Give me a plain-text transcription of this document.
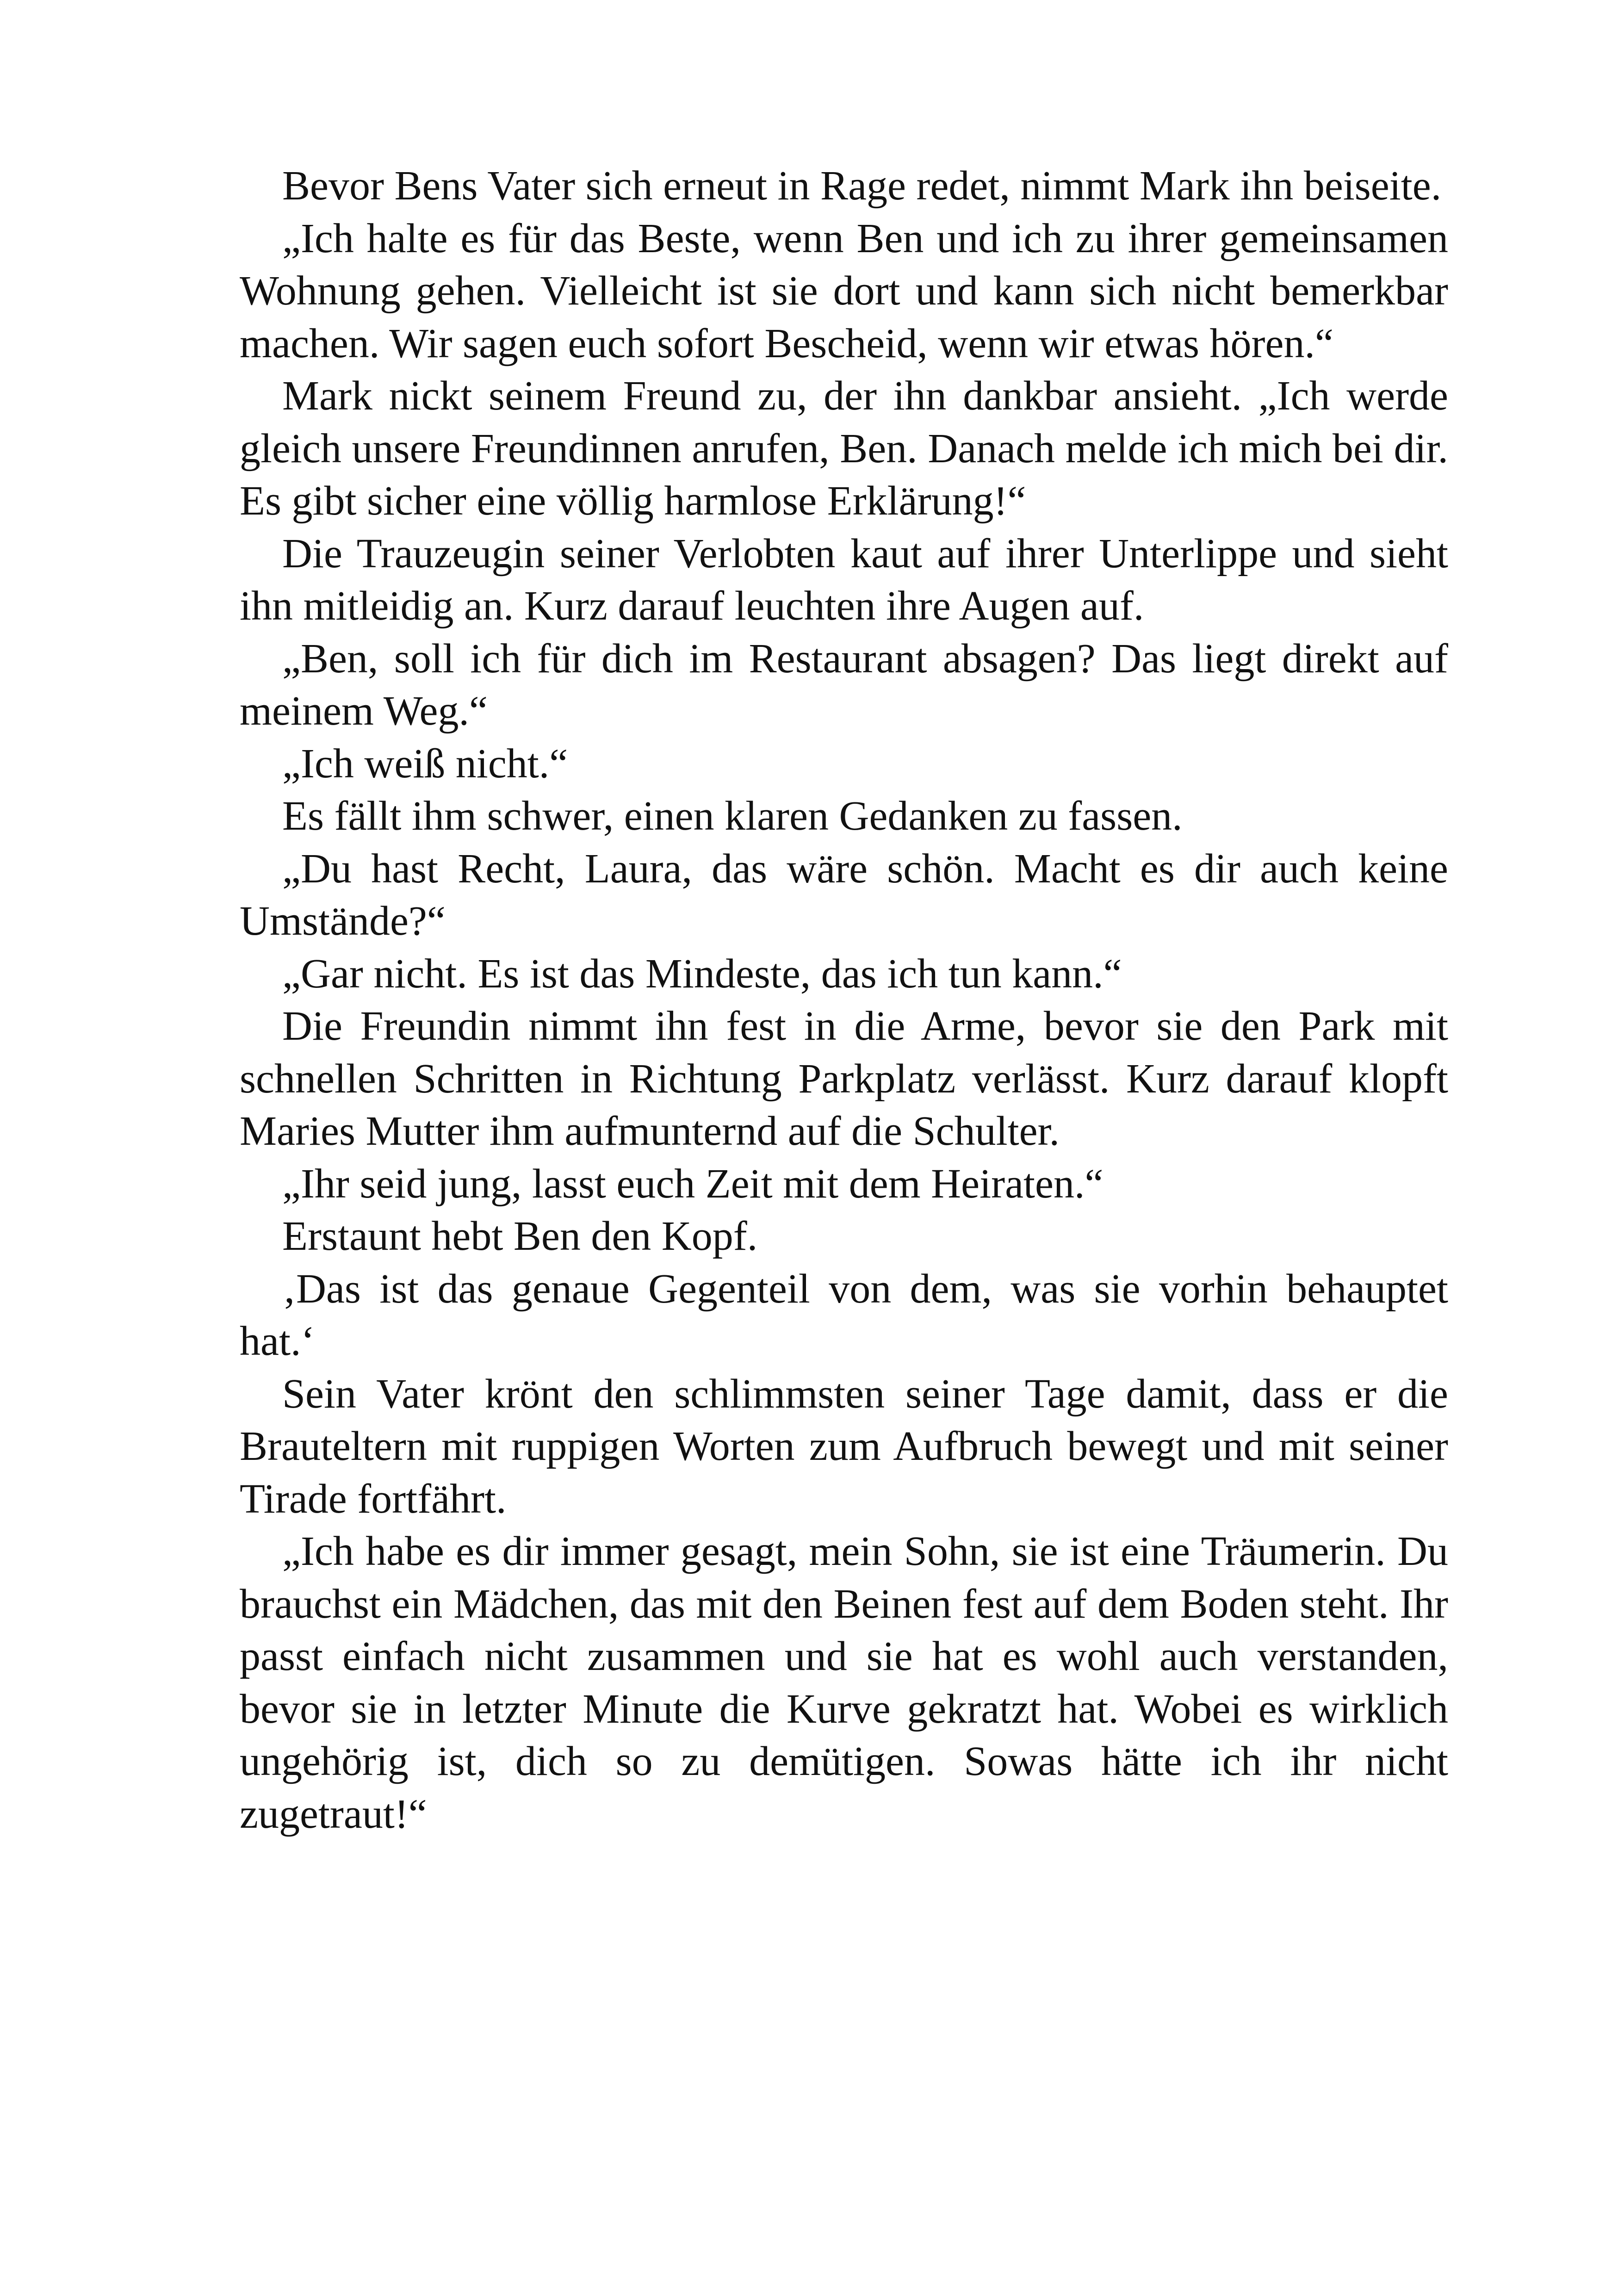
Bevor Bens Vater sich erneut in Rage redet, nimmt Mark ihn beiseite.

„Ich halte es für das Beste, wenn Ben und ich zu ihrer gemeinsamen Wohnung gehen. Vielleicht ist sie dort und kann sich nicht bemerkbar machen. Wir sagen euch sofort Bescheid, wenn wir etwas hören.“

Mark nickt seinem Freund zu, der ihn dankbar ansieht. „Ich werde gleich unsere Freundinnen anrufen, Ben. Danach melde ich mich bei dir. Es gibt sicher eine völlig harmlose Erklärung!“

Die Trauzeugin seiner Verlobten kaut auf ihrer Unterlippe und sieht ihn mitleidig an. Kurz darauf leuchten ihre Augen auf.

„Ben, soll ich für dich im Restaurant absagen? Das liegt direkt auf meinem Weg.“

„Ich weiß nicht.“

Es fällt ihm schwer, einen klaren Gedanken zu fassen.

„Du hast Recht, Laura, das wäre schön. Macht es dir auch keine Umstände?“

„Gar nicht. Es ist das Mindeste, das ich tun kann.“

Die Freundin nimmt ihn fest in die Arme, bevor sie den Park mit schnellen Schritten in Richtung Parkplatz verlässt. Kurz darauf klopft Maries Mutter ihm aufmunternd auf die Schulter.

„Ihr seid jung, lasst euch Zeit mit dem Heiraten.“

Erstaunt hebt Ben den Kopf.

‚Das ist das genaue Gegenteil von dem, was sie vorhin behauptet hat.‘

Sein Vater krönt den schlimmsten seiner Tage damit, dass er die Brauteltern mit ruppigen Worten zum Aufbruch bewegt und mit seiner Tirade fortfährt.

„Ich habe es dir immer gesagt, mein Sohn, sie ist eine Träumerin. Du brauchst ein Mädchen, das mit den Beinen fest auf dem Boden steht. Ihr passt einfach nicht zusammen und sie hat es wohl auch verstanden, bevor sie in letzter Minute die Kurve gekratzt hat. Wobei es wirklich ungehörig ist, dich so zu demütigen. Sowas hätte ich ihr nicht zugetraut!“
